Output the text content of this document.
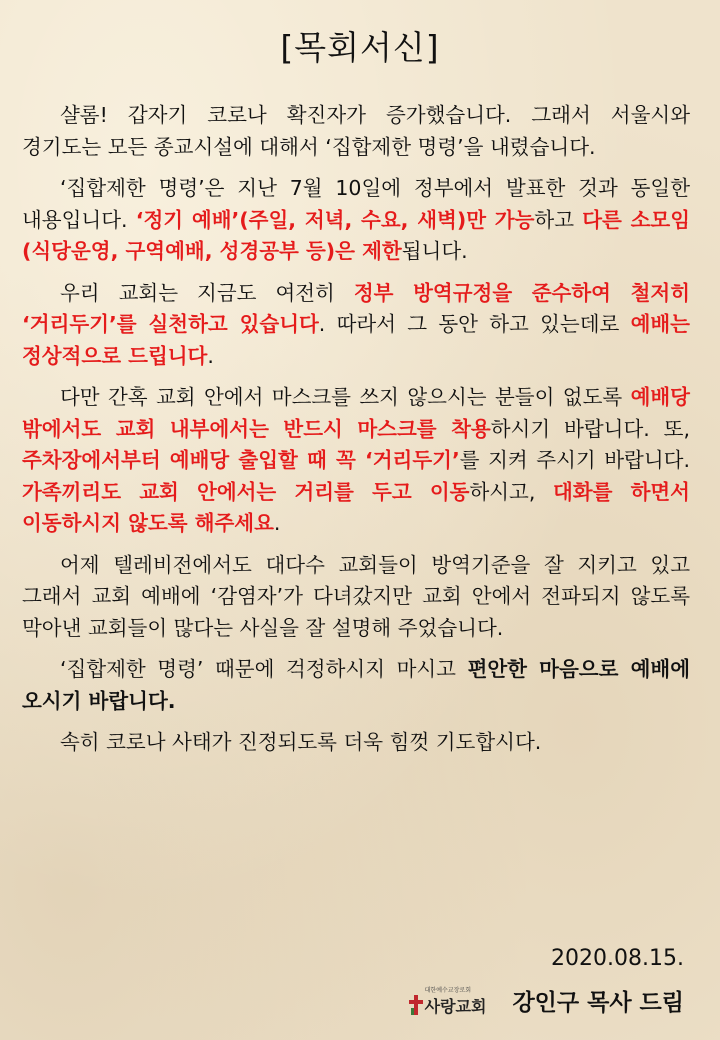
[목회서신]

샬롬! 갑자기 코로나 확진자가 증가했습니다. 그래서 서울시와 경기도는 모든 종교시설에 대해서 ‘집합제한 명령’을 내렸습니다.

‘집합제한 명령’은 지난 7월 10일에 정부에서 발표한 것과 동일한 내용입니다. ‘정기 예배’(주일, 저녁, 수요, 새벽)만 가능하고 다른 소모임(식당운영, 구역예배, 성경공부 등)은 제한됩니다.

우리 교회는 지금도 여전히 정부 방역규정을 준수하여 철저히 ‘거리두기’를 실천하고 있습니다. 따라서 그 동안 하고 있는데로 예배는 정상적으로 드립니다.

다만 간혹 교회 안에서 마스크를 쓰지 않으시는 분들이 없도록 예배당 밖에서도 교회 내부에서는 반드시 마스크를 착용하시기 바랍니다. 또, 주차장에서부터 예배당 출입할 때 꼭 ‘거리두기’를 지켜 주시기 바랍니다. 가족끼리도 교회 안에서는 거리를 두고 이동하시고, 대화를 하면서 이동하시지 않도록 해주세요.

어제 텔레비전에서도 대다수 교회들이 방역기준을 잘 지키고 있고 그래서 교회 예배에 ‘감염자’가 다녀갔지만 교회 안에서 전파되지 않도록 막아낸 교회들이 많다는 사실을 잘 설명해 주었습니다.

‘집합제한 명령’ 때문에 걱정하시지 마시고 편안한 마음으로 예배에 오시기 바랍니다.

속히 코로나 사태가 진정되도록 더욱 힘껏 기도합시다.

2020.08.15.
대한예수교장로회
사랑교회 강인구 목사 드림
